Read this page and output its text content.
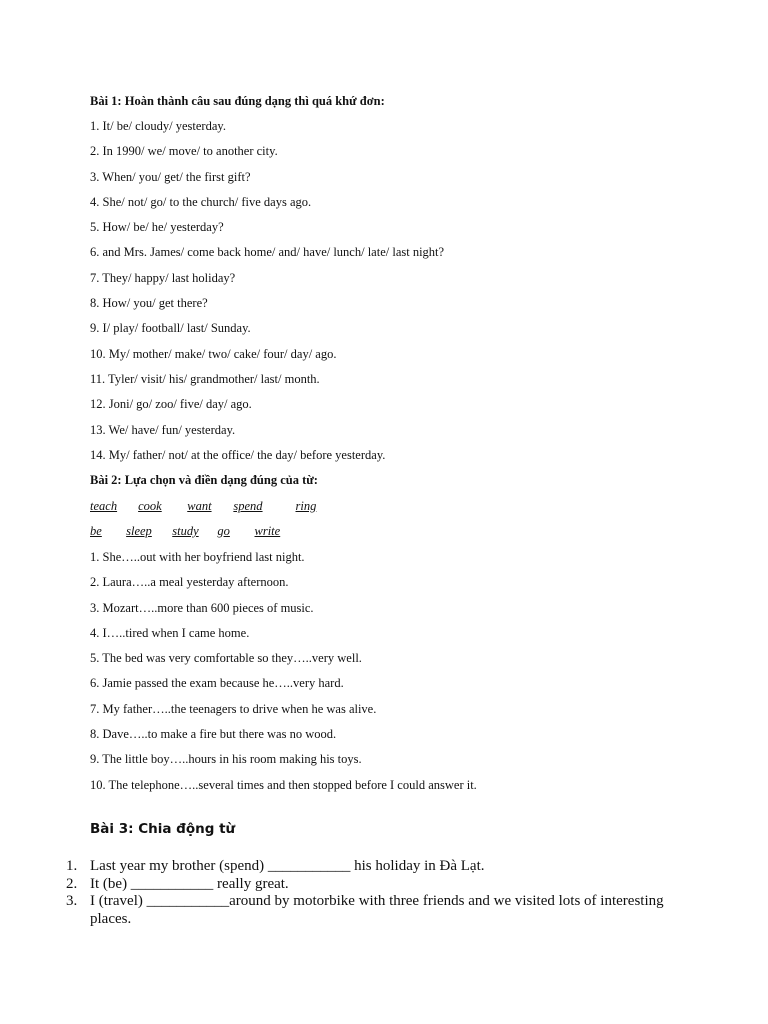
Bài 1: Hoàn thành câu sau đúng dạng thì quá khứ đơn:
1. It/ be/ cloudy/ yesterday.
2. In 1990/ we/ move/ to another city.
3. When/ you/ get/ the first gift?
4. She/ not/ go/ to the church/ five days ago.
5. How/ be/ he/ yesterday?
6. and Mrs. James/ come back home/ and/ have/ lunch/ late/ last night?
7. They/ happy/ last holiday?
8. How/ you/ get there?
9. I/ play/ football/ last/ Sunday.
10. My/ mother/ make/ two/ cake/ four/ day/ ago.
11. Tyler/ visit/ his/ grandmother/ last/ month.
12. Joni/ go/ zoo/ five/ day/ ago.
13. We/ have/ fun/ yesterday.
14. My/ father/ not/ at the office/ the day/ before yesterday.
Bài 2: Lựa chọn và điền dạng đúng của từ:
teach cook want spend	ring
be sleep study go write
1. She…..out with her boyfriend last night.
2. Laura…..a meal yesterday afternoon.
3. Mozart…..more than 600 pieces of music.
4. I…..tired when I came home.
5. The bed was very comfortable so they…..very well.
6. Jamie passed the exam because he…..very hard.
7. My father…..the teenagers to drive when he was alive.
8. Dave…..to make a fire but there was no wood.
9. The little boy…..hours in his room making his toys.
10. The telephone…..several times and then stopped before I could answer it.
Bài 3: Chia động từ
1. Last year my brother (spend) ___________ his holiday in Đà Lạt.
2. It (be) ___________ really great.
3. I (travel) ___________around by motorbike with three friends and we visited lots of interesting places.
